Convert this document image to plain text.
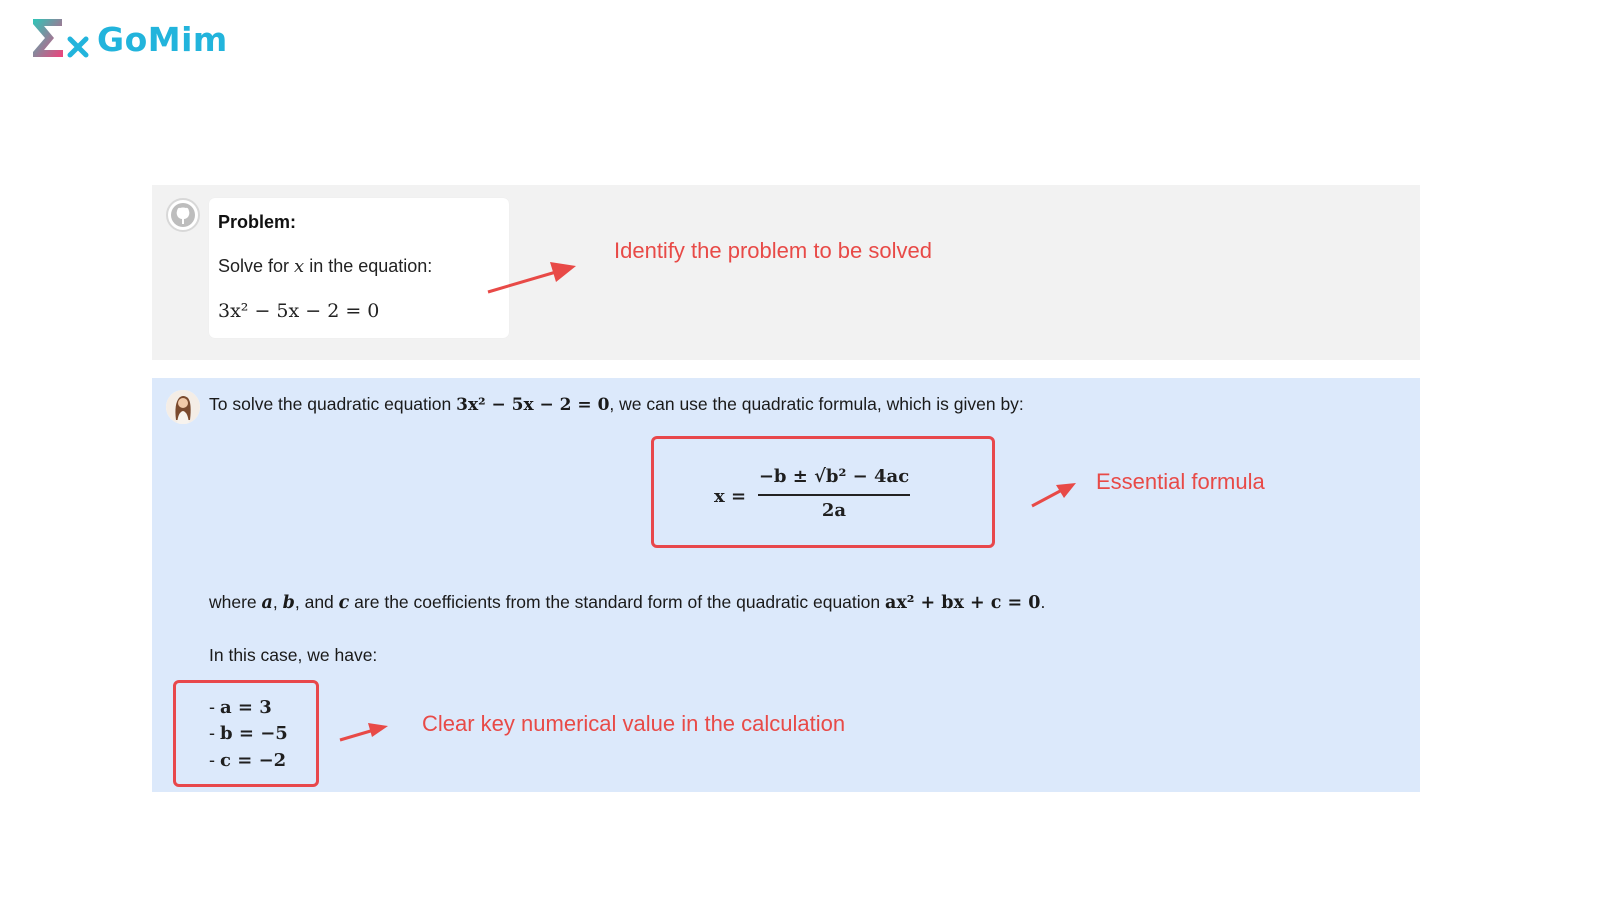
GoMim
Problem:
Solve for x in the equation:
3x² − 5x − 2 = 0
Identify the problem to be solved
To solve the quadratic equation 3x² − 5x − 2 = 0, we can use the quadratic formula, which is given by:
x =
−b ± √b² − 4ac
2a
Essential formula
where a, b, and c are the coefficients from the standard form of the quadratic equation ax² + bx + c = 0.
In this case, we have:
- a = 3
- b = −5
- c = −2
Clear key numerical value in the calculation
